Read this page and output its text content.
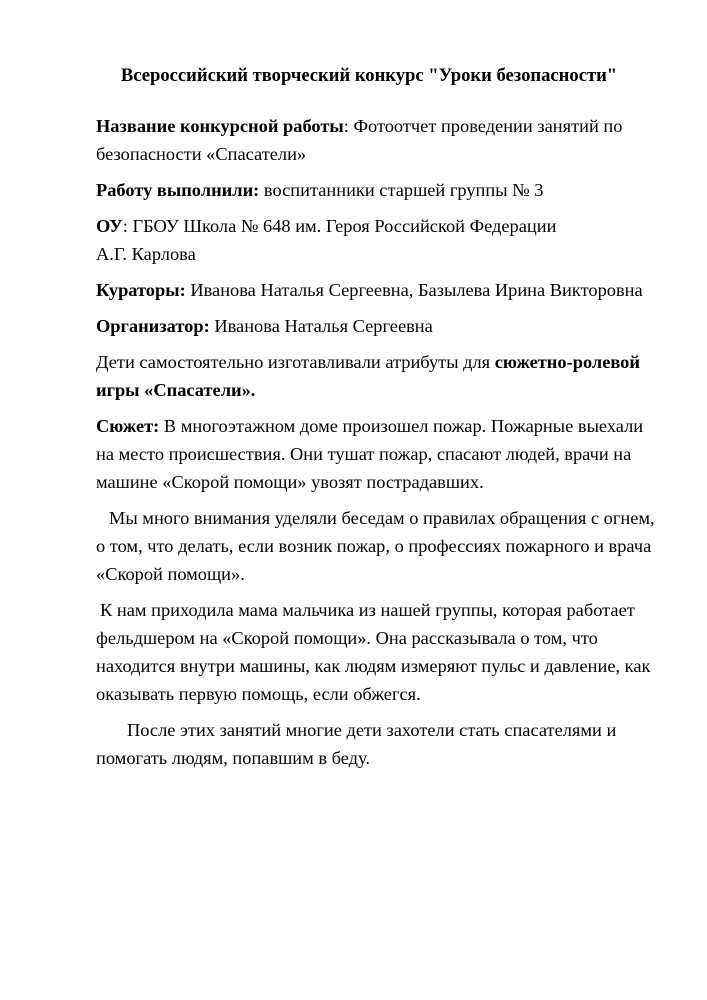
Всероссийский творческий конкурс "Уроки безопасности"

Название конкурсной работы: Фотоотчет проведении занятий по безопасности «Спасатели»

Работу выполнили: воспитанники старшей группы № 3

ОУ: ГБОУ Школа № 648 им. Героя Российской Федерации
А.Г. Карлова

Кураторы: Иванова Наталья Сергеевна, Базылева Ирина Викторовна

Организатор: Иванова Наталья Сергеевна

Дети самостоятельно изготавливали атрибуты для сюжетно-ролевой игры «Спасатели».

Сюжет: В многоэтажном доме произошел пожар. Пожарные выехали на место происшествия. Они тушат пожар, спасают людей, врачи на машине «Скорой помощи» увозят пострадавших.

Мы много внимания уделяли беседам о правилах обращения с огнем, о том, что делать, если возник пожар, о профессиях пожарного и врача «Скорой помощи».

К нам приходила мама мальчика из нашей группы, которая работает фельдшером на «Скорой помощи». Она рассказывала о том, что находится внутри машины, как людям измеряют пульс и давление, как оказывать первую помощь, если обжегся.

После этих занятий многие дети захотели стать спасателями и помогать людям, попавшим в беду.
